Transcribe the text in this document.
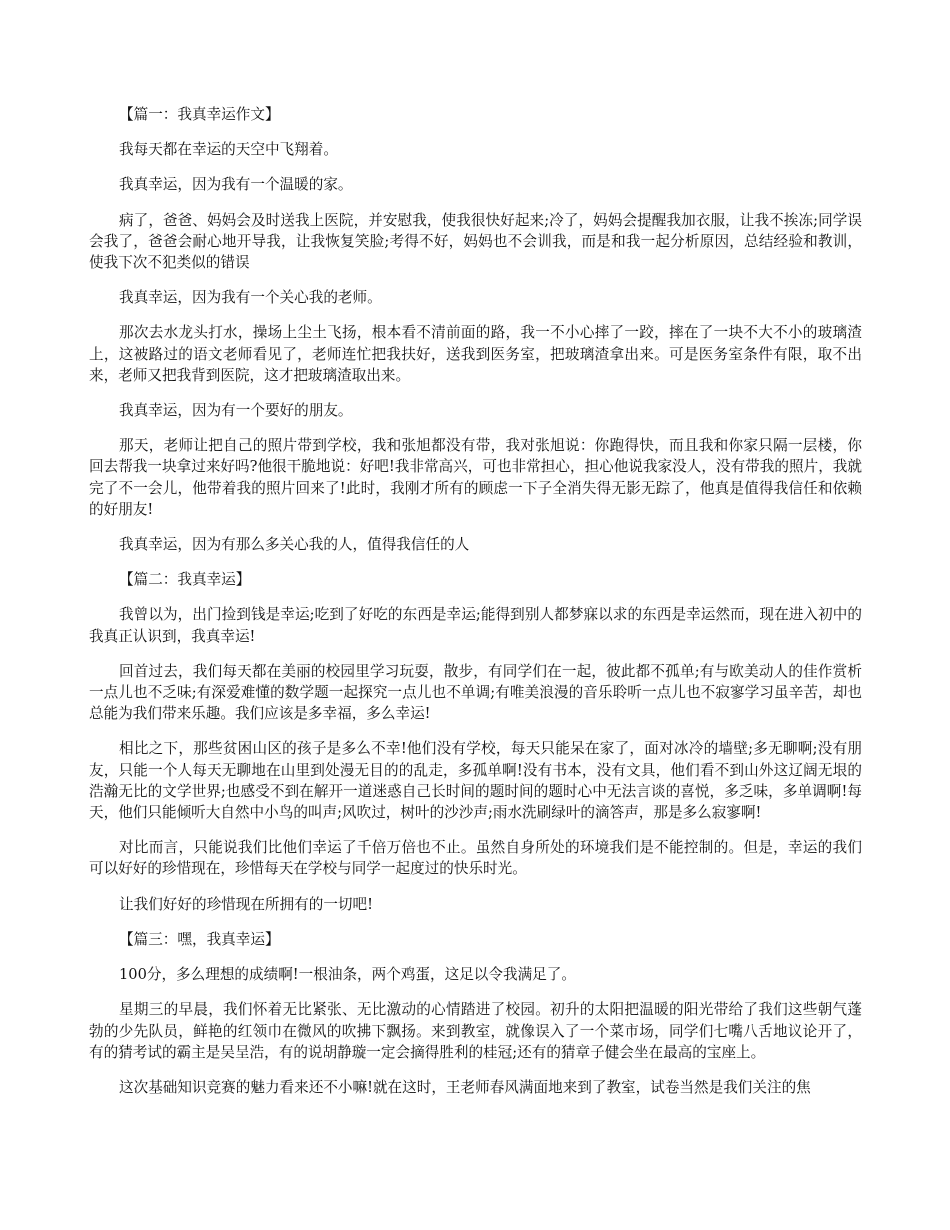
【篇一：我真幸运作文】

我每天都在幸运的天空中飞翔着。

我真幸运，因为我有一个温暖的家。

病了，爸爸、妈妈会及时送我上医院，并安慰我，使我很快好起来;冷了，妈妈会提醒我加衣服，让我不挨冻;同学误会我了，爸爸会耐心地开导我，让我恢复笑脸;考得不好，妈妈也不会训我，而是和我一起分析原因，总结经验和教训，使我下次不犯类似的错误

我真幸运，因为我有一个关心我的老师。

那次去水龙头打水，操场上尘土飞扬，根本看不清前面的路，我一不小心摔了一跤，摔在了一块不大不小的玻璃渣上，这被路过的语文老师看见了，老师连忙把我扶好，送我到医务室，把玻璃渣拿出来。可是医务室条件有限，取不出来，老师又把我背到医院，这才把玻璃渣取出来。

我真幸运，因为有一个要好的朋友。

那天，老师让把自己的照片带到学校，我和张旭都没有带，我对张旭说：你跑得快，而且我和你家只隔一层楼，你回去帮我一块拿过来好吗?他很干脆地说：好吧!我非常高兴，可也非常担心，担心他说我家没人，没有带我的照片，我就完了不一会儿，他带着我的照片回来了!此时，我刚才所有的顾虑一下子全消失得无影无踪了，他真是值得我信任和依赖的好朋友!

我真幸运，因为有那么多关心我的人，值得我信任的人

【篇二：我真幸运】

我曾以为，出门捡到钱是幸运;吃到了好吃的东西是幸运;能得到别人都梦寐以求的东西是幸运然而，现在进入初中的我真正认识到，我真幸运!

回首过去，我们每天都在美丽的校园里学习玩耍，散步，有同学们在一起，彼此都不孤单;有与欧美动人的佳作赏析一点儿也不乏味;有深爱难懂的数学题一起探究一点儿也不单调;有唯美浪漫的音乐聆听一点儿也不寂寥学习虽辛苦，却也总能为我们带来乐趣。我们应该是多幸福，多么幸运!

相比之下，那些贫困山区的孩子是多么不幸!他们没有学校，每天只能呆在家了，面对冰冷的墙壁;多无聊啊;没有朋友，只能一个人每天无聊地在山里到处漫无目的的乱走，多孤单啊!没有书本，没有文具，他们看不到山外这辽阔无垠的浩瀚无比的文学世界;也感受不到在解开一道迷惑自己长时间的题时间的题时心中无法言谈的喜悦，多乏味，多单调啊!每天，他们只能倾听大自然中小鸟的叫声;风吹过，树叶的沙沙声;雨水洗刷绿叶的滴答声，那是多么寂寥啊!

对比而言，只能说我们比他们幸运了千倍万倍也不止。虽然自身所处的环境我们是不能控制的。但是，幸运的我们可以好好的珍惜现在，珍惜每天在学校与同学一起度过的快乐时光。

让我们好好的珍惜现在所拥有的一切吧!

【篇三：嘿，我真幸运】

100分，多么理想的成绩啊!一根油条，两个鸡蛋，这足以令我满足了。

星期三的早晨，我们怀着无比紧张、无比激动的心情踏进了校园。初升的太阳把温暖的阳光带给了我们这些朝气蓬勃的少先队员，鲜艳的红领巾在微风的吹拂下飘扬。来到教室，就像误入了一个菜市场，同学们七嘴八舌地议论开了，有的猜考试的霸主是吴呈浩，有的说胡静璇一定会摘得胜利的桂冠;还有的猜章子健会坐在最高的宝座上。

这次基础知识竞赛的魅力看来还不小嘛!就在这时，王老师春风满面地来到了教室，试卷当然是我们关注的焦
